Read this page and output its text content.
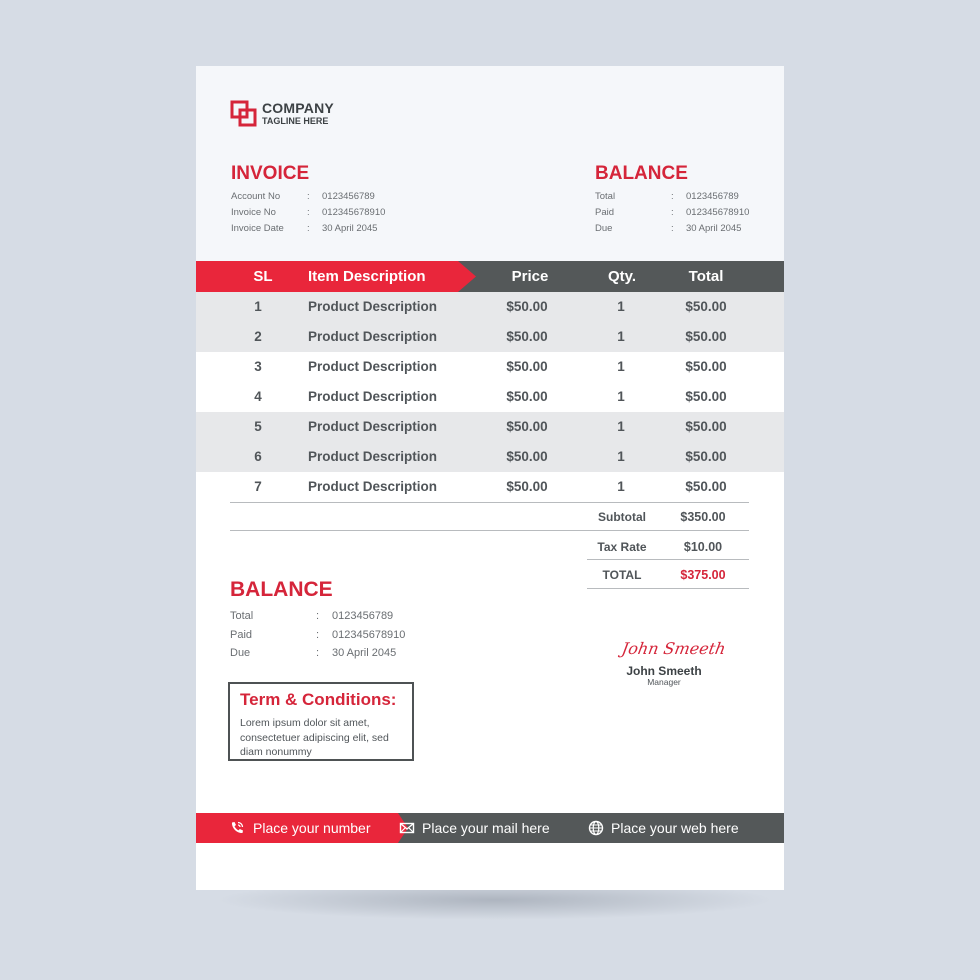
COMPANY
TAGLINE HERE
INVOICE
Account No	: 0123456789
Invoice No	: 012345678910
Invoice Date : 30 April 2045
BALANCE
Total	: 0123456789
Paid	: 012345678910
Due	: 30 April 2045
SL	Item Description	Price	Qty.	Total
1	Product Description	$50.00	1	$50.00
2	Product Description	$50.00	1	$50.00
3	Product Description	$50.00	1	$50.00
4	Product Description	$50.00	1	$50.00
5	Product Description	$50.00	1	$50.00
6	Product Description	$50.00	1	$50.00
7	Product Description	$50.00	1	$50.00
Subtotal	$350.00
Tax Rate	$10.00
TOTAL	$375.00
BALANCE
Total	: 0123456789
Paid	: 012345678910
Due	: 30 April 2045
Term & Conditions:
Lorem ipsum dolor sit amet, consectetuer adipiscing elit, sed diam nonummy
John Smeeth
John Smeeth
Manager
Place your number	Place your mail here	Place your web here
